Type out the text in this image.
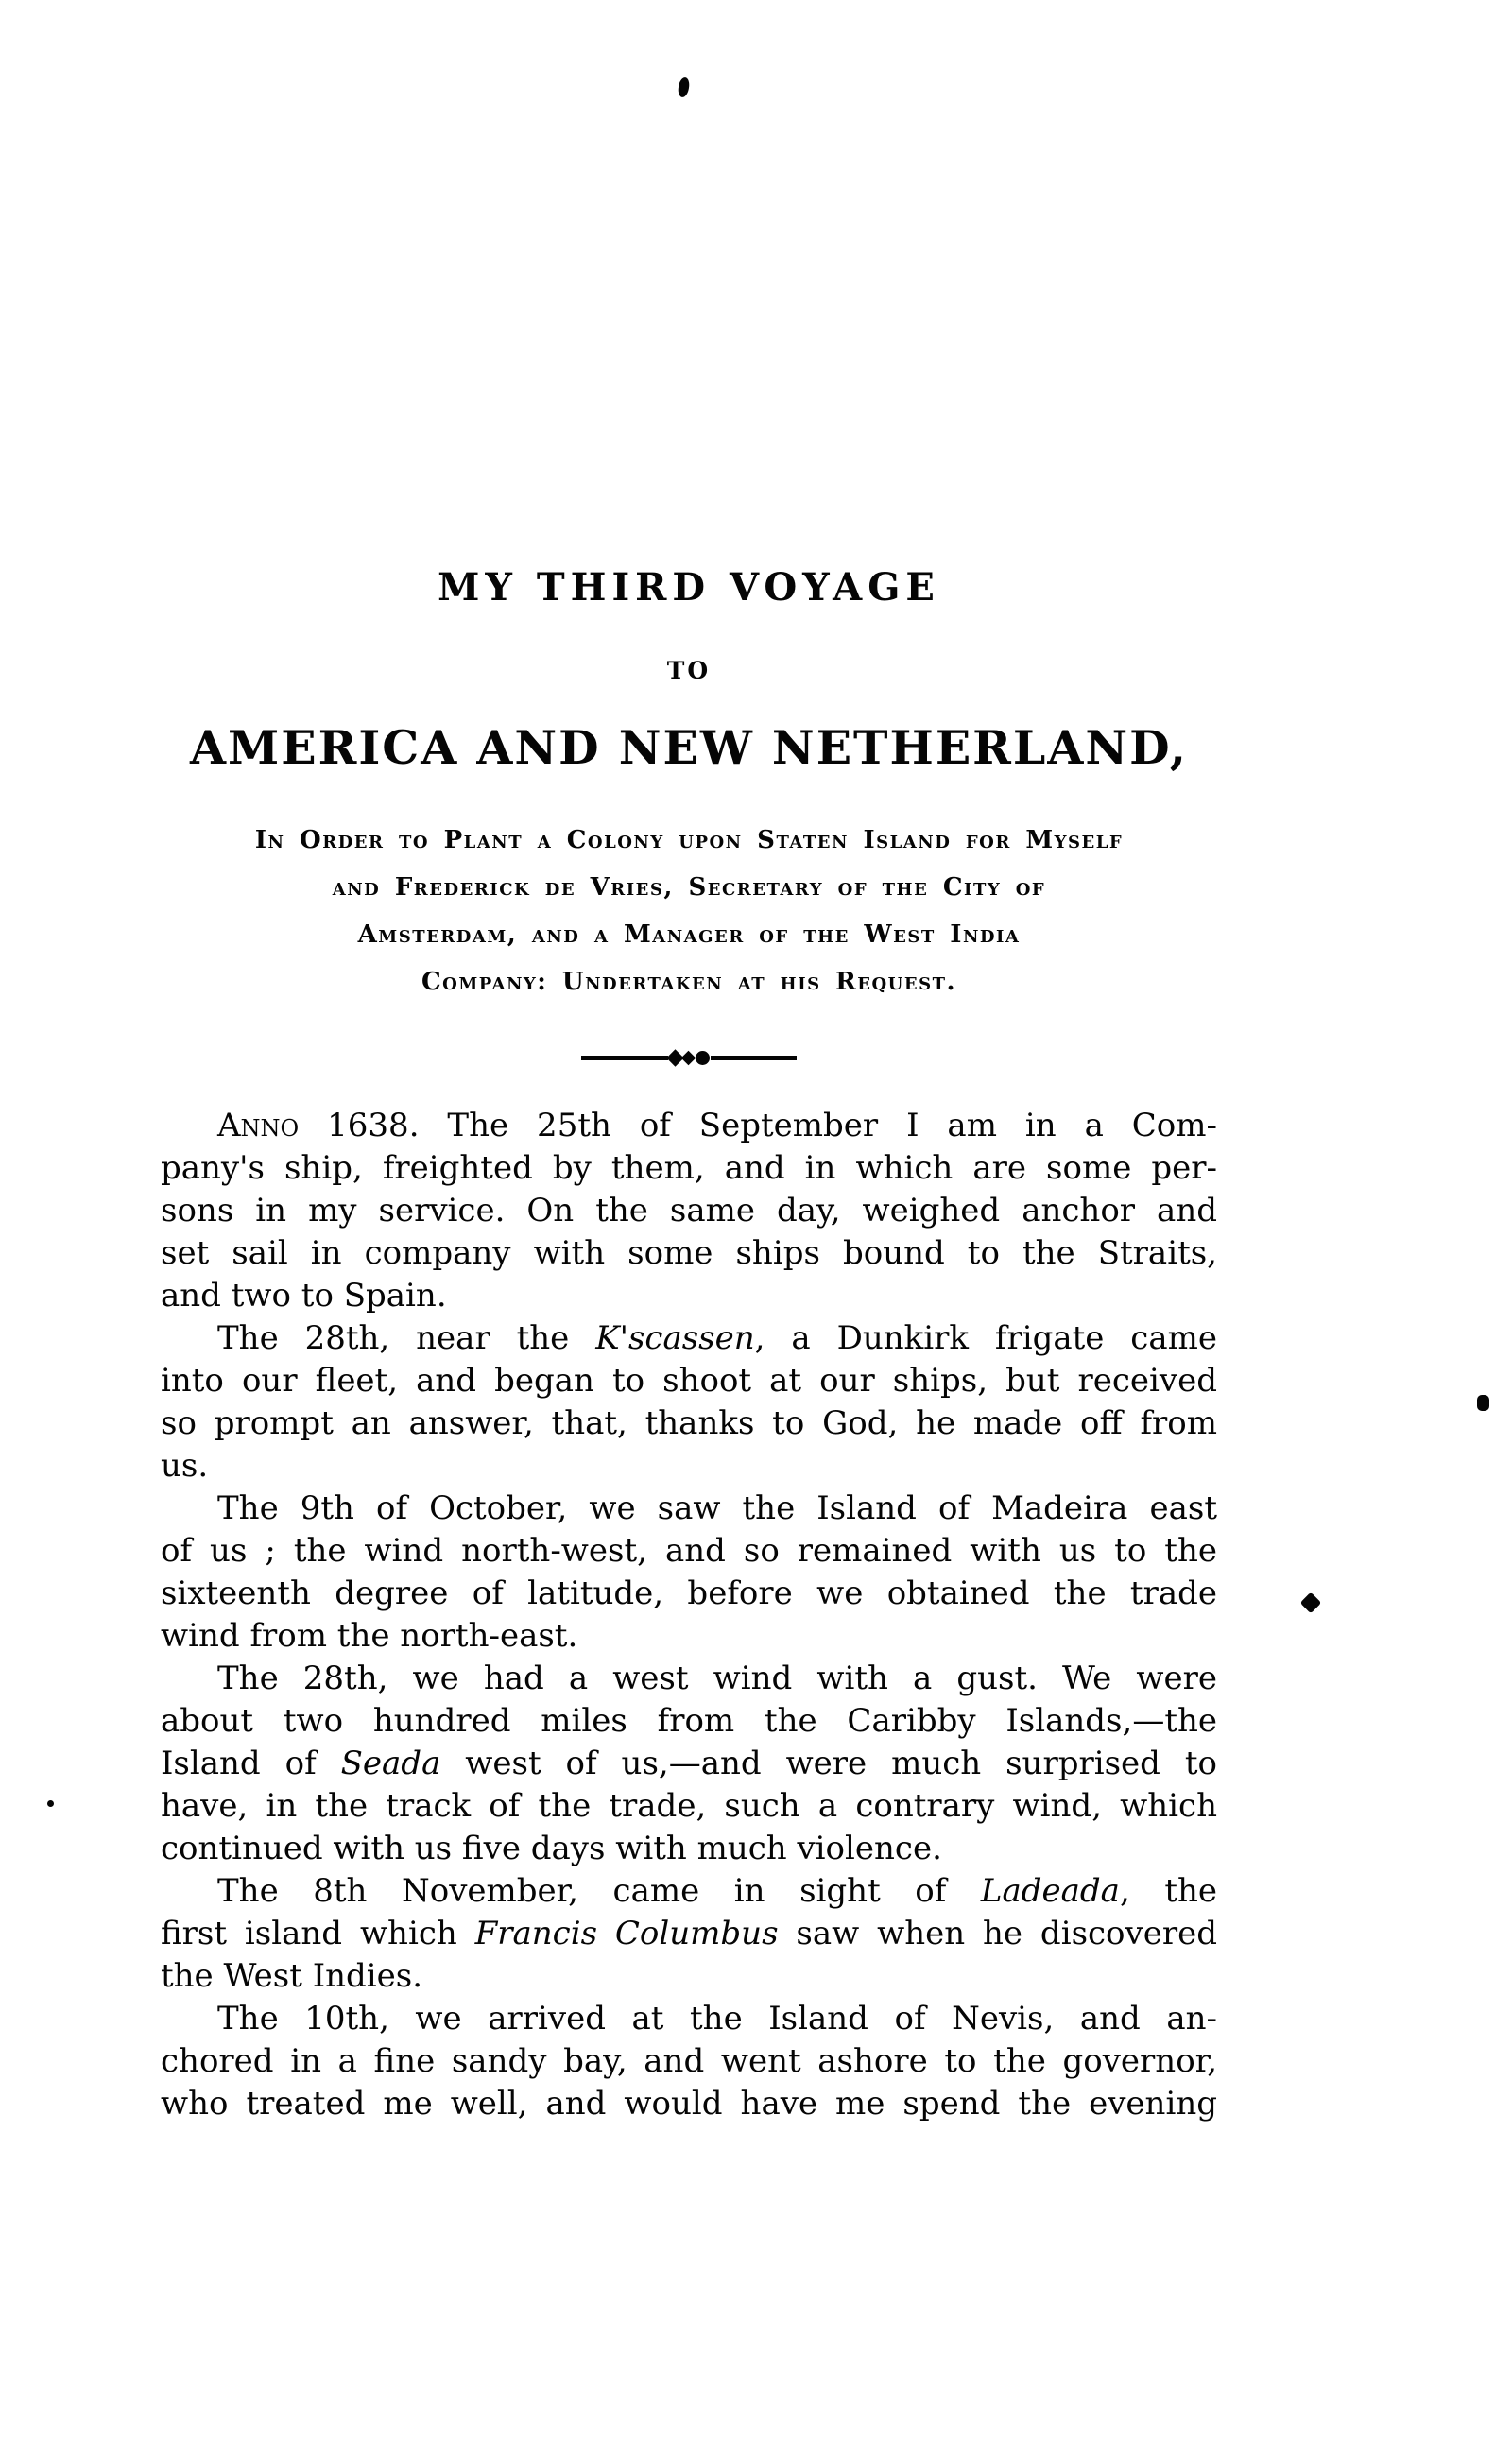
MY THIRD VOYAGE
TO
AMERICA AND NEW NETHERLAND,
In Order to Plant a Colony upon Staten Island for Myself
and Frederick de Vries, Secretary of the City of
Amsterdam, and a Manager of the West India
Company: Undertaken at his Request.
Anno 1638. The 25th of September I am in a Com-
pany's ship, freighted by them, and in which are some per-
sons in my service. On the same day, weighed anchor and
set sail in company with some ships bound to the Straits,
and two to Spain.
The 28th, near the K'scassen, a Dunkirk frigate came
into our fleet, and began to shoot at our ships, but received
so prompt an answer, that, thanks to God, he made off from
us.
The 9th of October, we saw the Island of Madeira east
of us ; the wind north-west, and so remained with us to the
sixteenth degree of latitude, before we obtained the trade
wind from the north-east.
The 28th, we had a west wind with a gust. We were
about two hundred miles from the Caribby Islands,—the
Island of Seada west of us,—and were much surprised to
have, in the track of the trade, such a contrary wind, which
continued with us five days with much violence.
The 8th November, came in sight of Ladeada, the
first island which Francis Columbus saw when he discovered
the West Indies.
The 10th, we arrived at the Island of Nevis, and an-
chored in a fine sandy bay, and went ashore to the governor,
who treated me well, and would have me spend the evening
